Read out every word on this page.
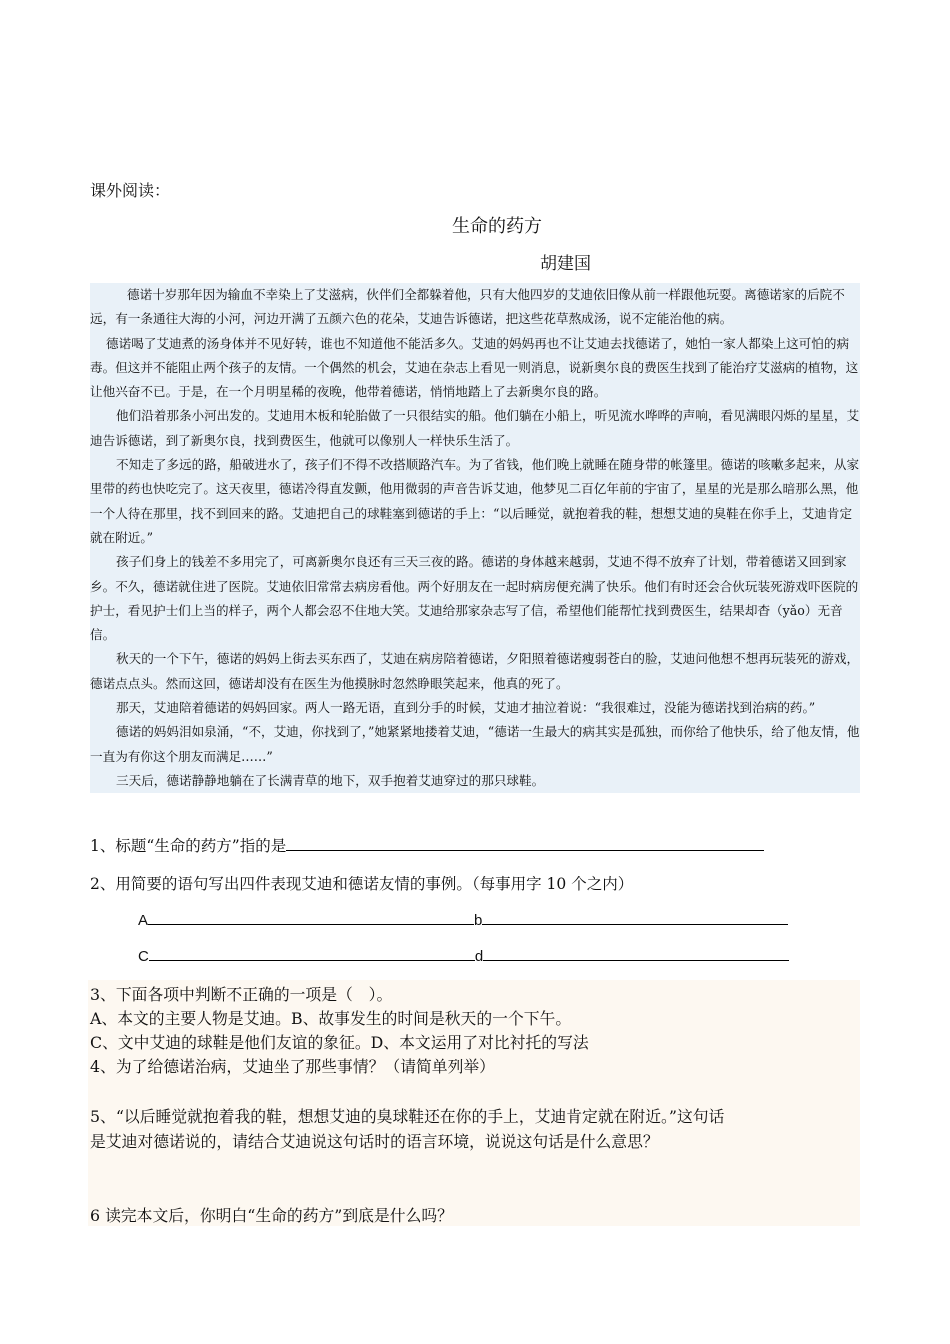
课外阅读：
生命的药方
胡建国

德诺十岁那年因为输血不幸染上了艾滋病，伙伴们全都躲着他，只有大他四岁的艾迪依旧像从前一样跟他玩耍。离德诺家的后院不远，有一条通往大海的小河，河边开满了五颜六色的花朵，艾迪告诉德诺，把这些花草熬成汤，说不定能治他的病。

德诺喝了艾迪煮的汤身体并不见好转，谁也不知道他不能活多久。艾迪的妈妈再也不让艾迪去找德诺了，她怕一家人都染上这可怕的病毒。但这并不能阻止两个孩子的友情。一个偶然的机会，艾迪在杂志上看见一则消息，说新奥尔良的费医生找到了能治疗艾滋病的植物，这让他兴奋不已。于是，在一个月明星稀的夜晚，他带着德诺，悄悄地踏上了去新奥尔良的路。

他们沿着那条小河出发的。艾迪用木板和轮胎做了一只很结实的船。他们躺在小船上，听见流水哗哗的声响，看见满眼闪烁的星星，艾迪告诉德诺，到了新奥尔良，找到费医生，他就可以像别人一样快乐生活了。

不知走了多远的路，船破进水了，孩子们不得不改搭顺路汽车。为了省钱，他们晚上就睡在随身带的帐篷里。德诺的咳嗽多起来，从家里带的药也快吃完了。这天夜里，德诺冷得直发颤，他用微弱的声音告诉艾迪，他梦见二百亿年前的宇宙了，星星的光是那么暗那么黑，他一个人待在那里，找不到回来的路。艾迪把自己的球鞋塞到德诺的手上：“以后睡觉，就抱着我的鞋，想想艾迪的臭鞋在你手上，艾迪肯定就在附近。”

孩子们身上的钱差不多用完了，可离新奥尔良还有三天三夜的路。德诺的身体越来越弱，艾迪不得不放弃了计划，带着德诺又回到家乡。不久，德诺就住进了医院。艾迪依旧常常去病房看他。两个好朋友在一起时病房便充满了快乐。他们有时还会合伙玩装死游戏吓医院的护士，看见护士们上当的样子，两个人都会忍不住地大笑。艾迪给那家杂志写了信，希望他们能帮忙找到费医生，结果却杳（yǎo）无音信。

秋天的一个下午，德诺的妈妈上街去买东西了，艾迪在病房陪着德诺，夕阳照着德诺瘦弱苍白的脸，艾迪问他想不想再玩装死的游戏，德诺点点头。然而这回，德诺却没有在医生为他摸脉时忽然睁眼笑起来，他真的死了。

那天，艾迪陪着德诺的妈妈回家。两人一路无语，直到分手的时候，艾迪才抽泣着说：“我很难过，没能为德诺找到治病的药。”

德诺的妈妈泪如泉涌，“不，艾迪，你找到了，”她紧紧地搂着艾迪，“德诺一生最大的病其实是孤独，而你给了他快乐，给了他友情，他一直为有你这个朋友而满足……”

三天后，德诺静静地躺在了长满青草的地下，双手抱着艾迪穿过的那只球鞋。

1、标题“生命的药方”指的是
2、用简要的语句写出四件表现艾迪和德诺友情的事例。（每事用字 10 个之内）
A	b
C	d
3、下面各项中判断不正确的一项是（　）。
A、本文的主要人物是艾迪。B、故事发生的时间是秋天的一个下午。
C、文中艾迪的球鞋是他们友谊的象征。D、本文运用了对比衬托的写法
4、为了给德诺治病，艾迪坐了那些事情？（请简单列举）
5、“以后睡觉就抱着我的鞋，想想艾迪的臭球鞋还在你的手上，艾迪肯定就在附近。”这句话
是艾迪对德诺说的，请结合艾迪说这句话时的语言环境，说说这句话是什么意思？
6 读完本文后，你明白“生命的药方”到底是什么吗？
